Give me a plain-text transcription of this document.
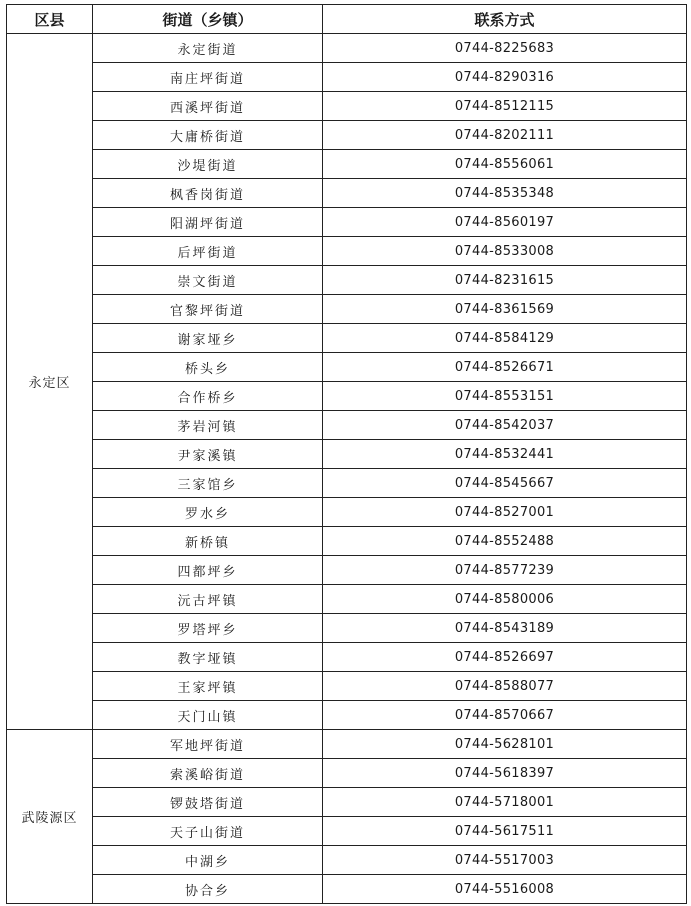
区县	街道（乡镇）	联系方式
永定区	永定街道	0744-8225683
	南庄坪街道	0744-8290316
	西溪坪街道	0744-8512115
	大庸桥街道	0744-8202111
	沙堤街道	0744-8556061
	枫香岗街道	0744-8535348
	阳湖坪街道	0744-8560197
	后坪街道	0744-8533008
	崇文街道	0744-8231615
	官黎坪街道	0744-8361569
	谢家垭乡	0744-8584129
	桥头乡	0744-8526671
	合作桥乡	0744-8553151
	茅岩河镇	0744-8542037
	尹家溪镇	0744-8532441
	三家馆乡	0744-8545667
	罗水乡	0744-8527001
	新桥镇	0744-8552488
	四都坪乡	0744-8577239
	沅古坪镇	0744-8580006
	罗塔坪乡	0744-8543189
	教字垭镇	0744-8526697
	王家坪镇	0744-8588077
	天门山镇	0744-8570667
武陵源区	军地坪街道	0744-5628101
	索溪峪街道	0744-5618397
	锣鼓塔街道	0744-5718001
	天子山街道	0744-5617511
	中湖乡	0744-5517003
	协合乡	0744-5516008
